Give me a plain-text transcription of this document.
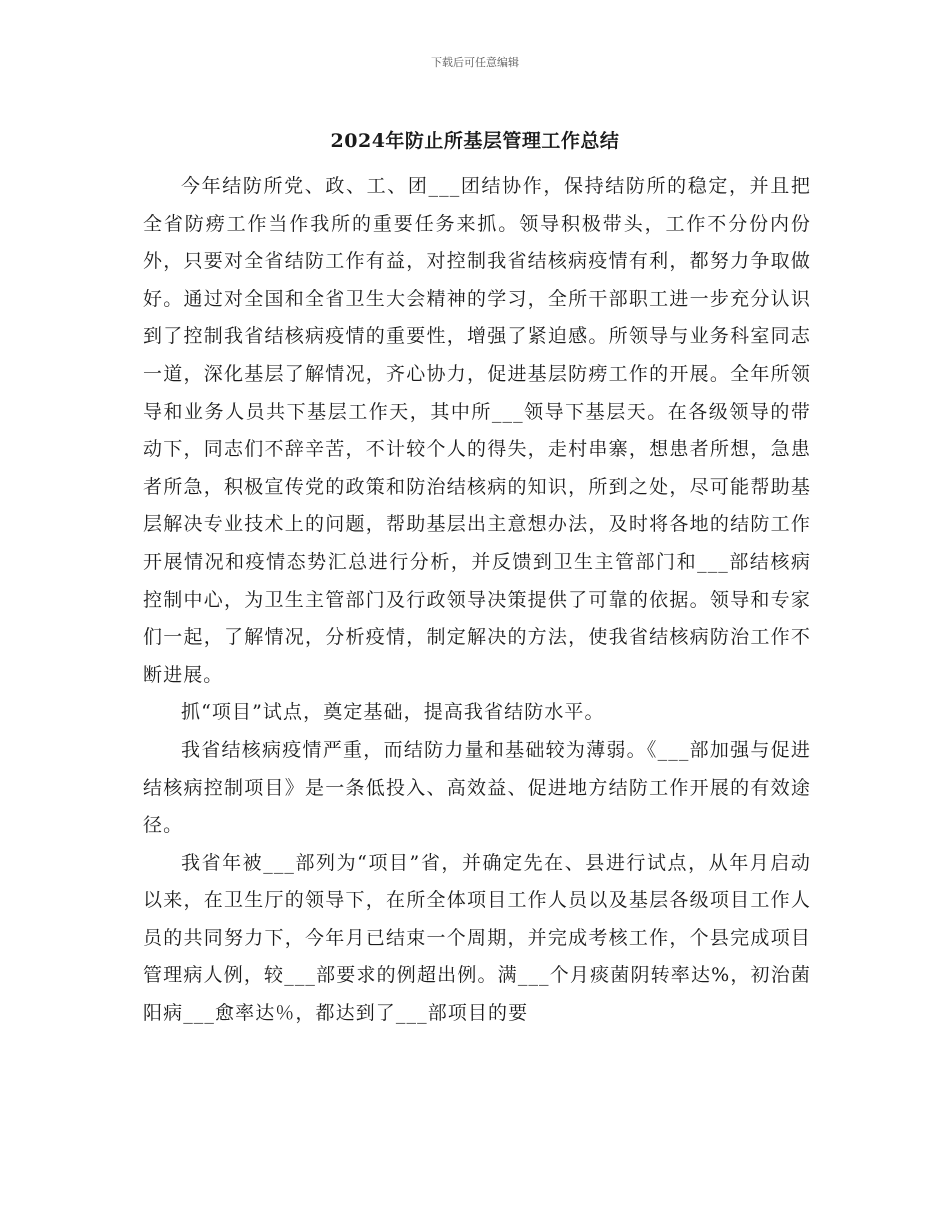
下载后可任意编辑
2024年防止所基层管理工作总结

今年结防所党、政、工、团___团结协作，保持结防所的稳定，并且把全省防痨工作当作我所的重要任务来抓。领导积极带头，工作不分份内份外，只要对全省结防工作有益，对控制我省结核病疫情有利，都努力争取做好。通过对全国和全省卫生大会精神的学习，全所干部职工进一步充分认识到了控制我省结核病疫情的重要性，增强了紧迫感。所领导与业务科室同志一道，深化基层了解情况，齐心协力，促进基层防痨工作的开展。全年所领导和业务人员共下基层工作天，其中所___领导下基层天。在各级领导的带动下，同志们不辞辛苦，不计较个人的得失，走村串寨，想患者所想，急患者所急，积极宣传党的政策和防治结核病的知识，所到之处，尽可能帮助基层解决专业技术上的问题，帮助基层出主意想办法，及时将各地的结防工作开展情况和疫情态势汇总进行分析，并反馈到卫生主管部门和___部结核病控制中心，为卫生主管部门及行政领导决策提供了可靠的依据。领导和专家们一起，了解情况，分析疫情，制定解决的方法，使我省结核病防治工作不断进展。

抓“项目”试点，奠定基础，提高我省结防水平。

我省结核病疫情严重，而结防力量和基础较为薄弱。《___部加强与促进结核病控制项目》是一条低投入、高效益、促进地方结防工作开展的有效途径。

我省年被___部列为“项目”省，并确定先在、县进行试点，从年月启动以来，在卫生厅的领导下，在所全体项目工作人员以及基层各级项目工作人员的共同努力下，今年月已结束一个周期，并完成考核工作，个县完成项目管理病人例，较___部要求的例超出例。满___个月痰菌阴转率达%，初治菌阳病___愈率达％，都达到了___部项目的要
